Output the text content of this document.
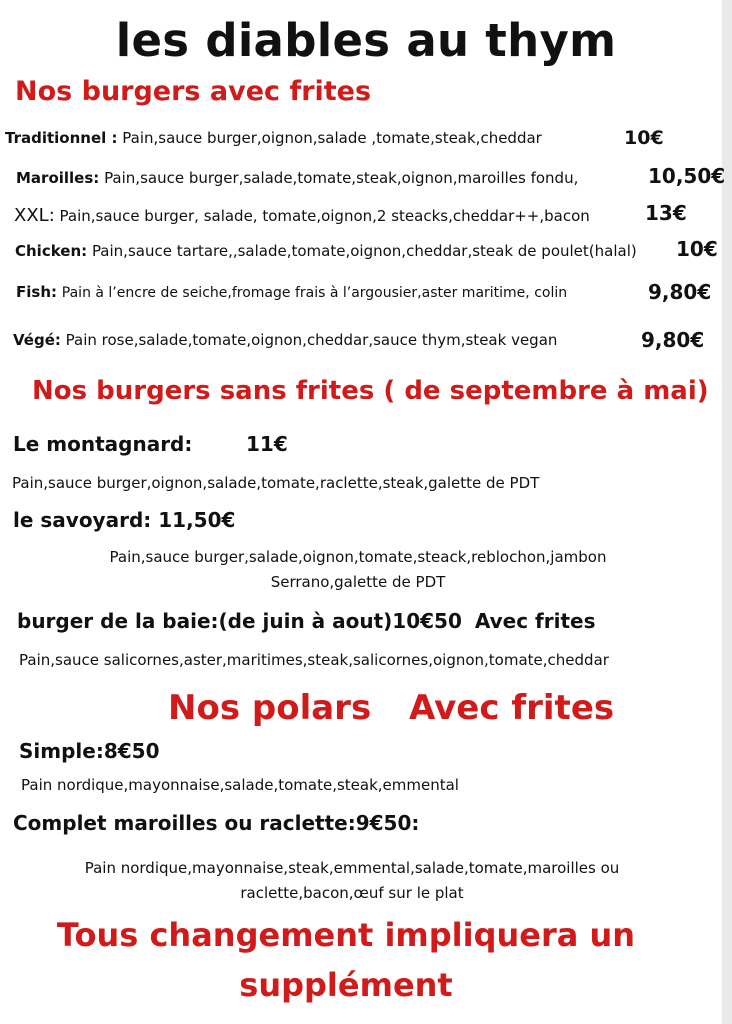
les diables au thym
Nos burgers avec frites
Traditionnel : Pain,sauce burger,oignon,salade ,tomate,steak,cheddar	10€
Maroilles: Pain,sauce burger,salade,tomate,steak,oignon,maroilles fondu,	10,50€
XXL: Pain,sauce burger, salade, tomate,oignon,2 steacks,cheddar++,bacon	13€
Chicken: Pain,sauce tartare,,salade,tomate,oignon,cheddar,steak de poulet(halal) 10€
Fish: Pain à l’encre de seiche,fromage frais à l’argousier,aster maritime, colin	9,80€
Végé: Pain rose,salade,tomate,oignon,cheddar,sauce thym,steak vegan	9,80€
Nos burgers sans frites ( de septembre à mai)
Le montagnard:	11€
Pain,sauce burger,oignon,salade,tomate,raclette,steak,galette de PDT
le savoyard: 11,50€
Pain,sauce burger,salade,oignon,tomate,steack,reblochon,jambon
Serrano,galette de PDT
burger de la baie:(de juin à aout)10€50 Avec frites
Pain,sauce salicornes,aster,maritimes,steak,salicornes,oignon,tomate,cheddar
Nos polars Avec frites
Simple:8€50
Pain nordique,mayonnaise,salade,tomate,steak,emmental
Complet maroilles ou raclette:9€50:
Pain nordique,mayonnaise,steak,emmental,salade,tomate,maroilles ou
raclette,bacon,œuf sur le plat
Tous changement impliquera un
supplément
